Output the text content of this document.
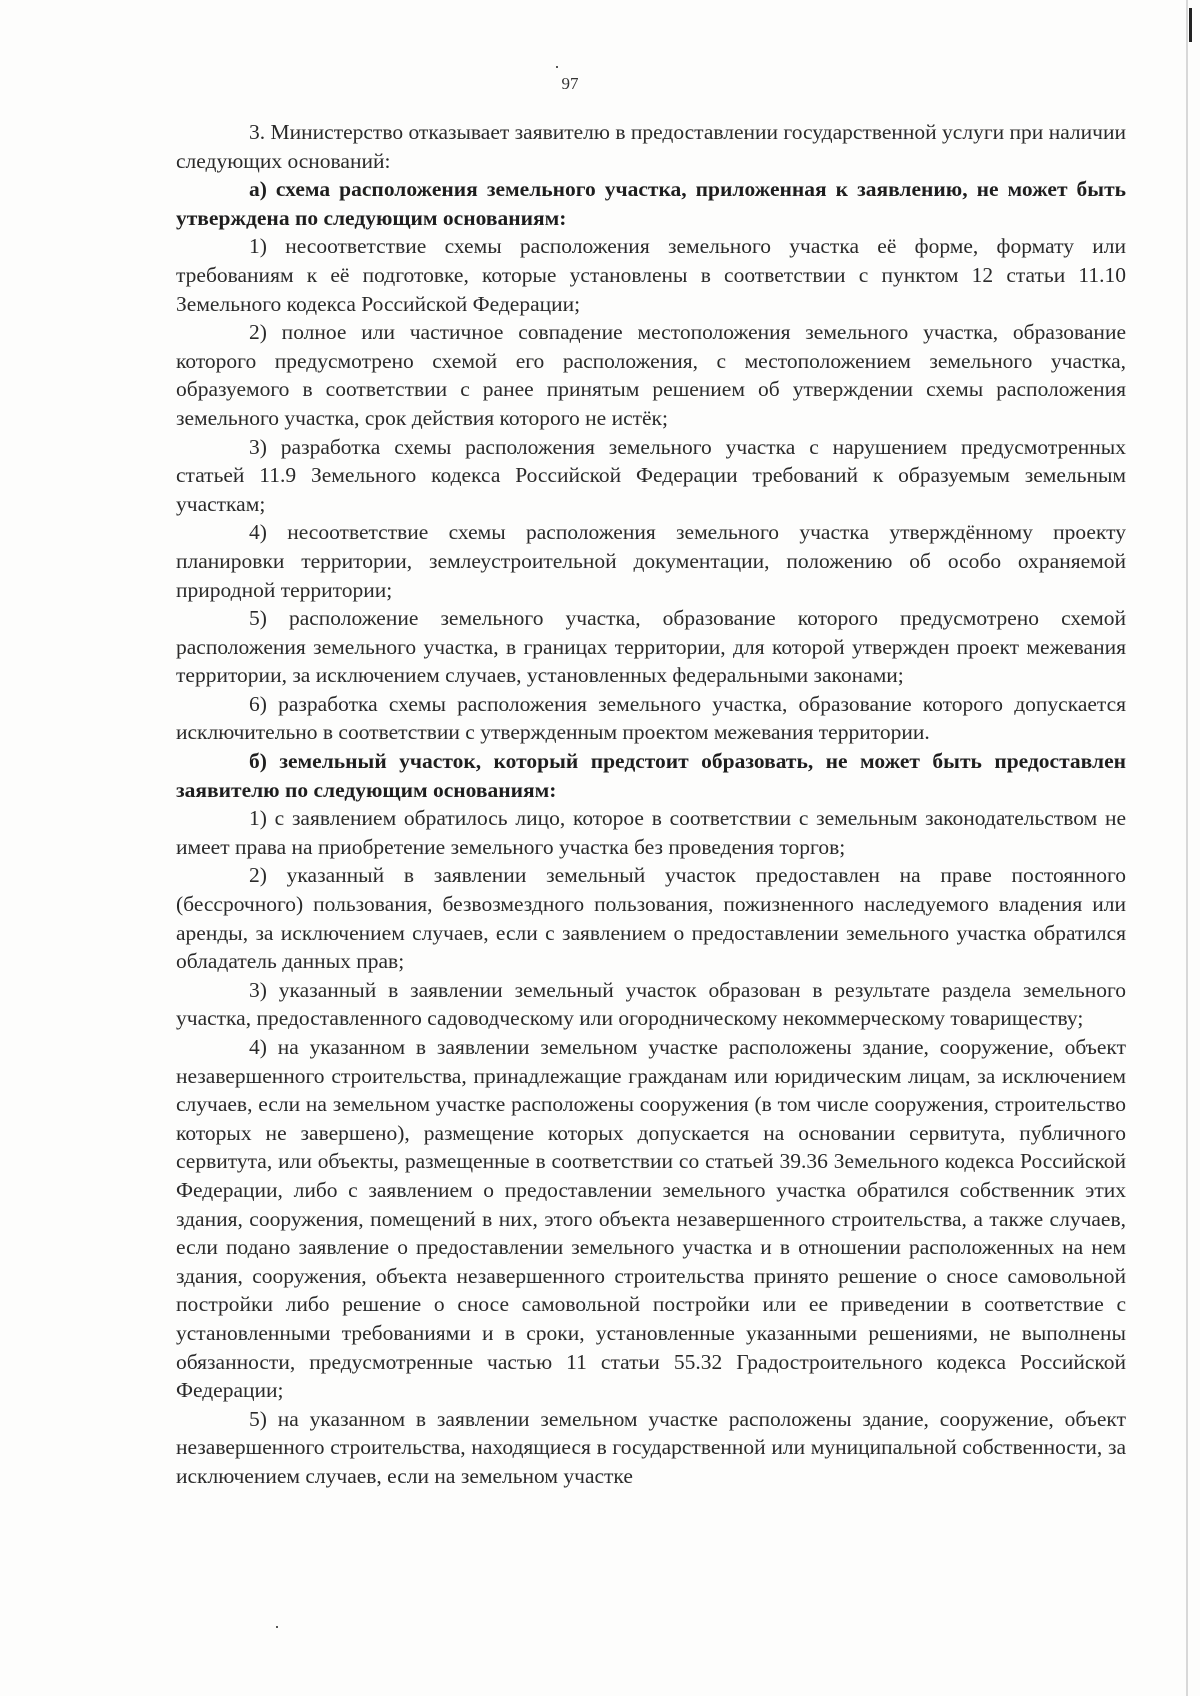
97

3. Министерство отказывает заявителю в предоставлении государственной услуги при наличии следующих оснований:

а) схема расположения земельного участка, приложенная к заявлению, не может быть утверждена по следующим основаниям:

1) несоответствие схемы расположения земельного участка её форме, формату или требованиям к её подготовке, которые установлены в соответствии с пунктом 12 статьи 11.10 Земельного кодекса Российской Федерации;

2) полное или частичное совпадение местоположения земельного участка, образование которого предусмотрено схемой его расположения, с местоположением земельного участка, образуемого в соответствии с ранее принятым решением об утверждении схемы расположения земельного участка, срок действия которого не истёк;

3) разработка схемы расположения земельного участка с нарушением предусмотренных статьей 11.9 Земельного кодекса Российской Федерации требований к образуемым земельным участкам;

4) несоответствие схемы расположения земельного участка утверждённому проекту планировки территории, землеустроительной документации, положению об особо охраняемой природной территории;

5) расположение земельного участка, образование которого предусмотрено схемой расположения земельного участка, в границах территории, для которой утвержден проект межевания территории, за исключением случаев, установленных федеральными законами;

6) разработка схемы расположения земельного участка, образование которого допускается исключительно в соответствии с утвержденным проектом межевания территории.

б) земельный участок, который предстоит образовать, не может быть предоставлен заявителю по следующим основаниям:

1) с заявлением обратилось лицо, которое в соответствии с земельным законодательством не имеет права на приобретение земельного участка без проведения торгов;

2) указанный в заявлении земельный участок предоставлен на праве постоянного (бессрочного) пользования, безвозмездного пользования, пожизненного наследуемого владения или аренды, за исключением случаев, если с заявлением о предоставлении земельного участка обратился обладатель данных прав;

3) указанный в заявлении земельный участок образован в результате раздела земельного участка, предоставленного садоводческому или огородническому некоммерческому товариществу;

4) на указанном в заявлении земельном участке расположены здание, сооружение, объект незавершенного строительства, принадлежащие гражданам или юридическим лицам, за исключением случаев, если на земельном участке расположены сооружения (в том числе сооружения, строительство которых не завершено), размещение которых допускается на основании сервитута, публичного сервитута, или объекты, размещенные в соответствии со статьей 39.36 Земельного кодекса Российской Федерации, либо с заявлением о предоставлении земельного участка обратился собственник этих здания, сооружения, помещений в них, этого объекта незавершенного строительства, а также случаев, если подано заявление о предоставлении земельного участка и в отношении расположенных на нем здания, сооружения, объекта незавершенного строительства принято решение о сносе самовольной постройки либо решение о сносе самовольной постройки или ее приведении в соответствие с установленными требованиями и в сроки, установленные указанными решениями, не выполнены обязанности, предусмотренные частью 11 статьи 55.32 Градостроительного кодекса Российской Федерации;

5) на указанном в заявлении земельном участке расположены здание, сооружение, объект незавершенного строительства, находящиеся в государственной или муниципальной собственности, за исключением случаев, если на земельном участке
